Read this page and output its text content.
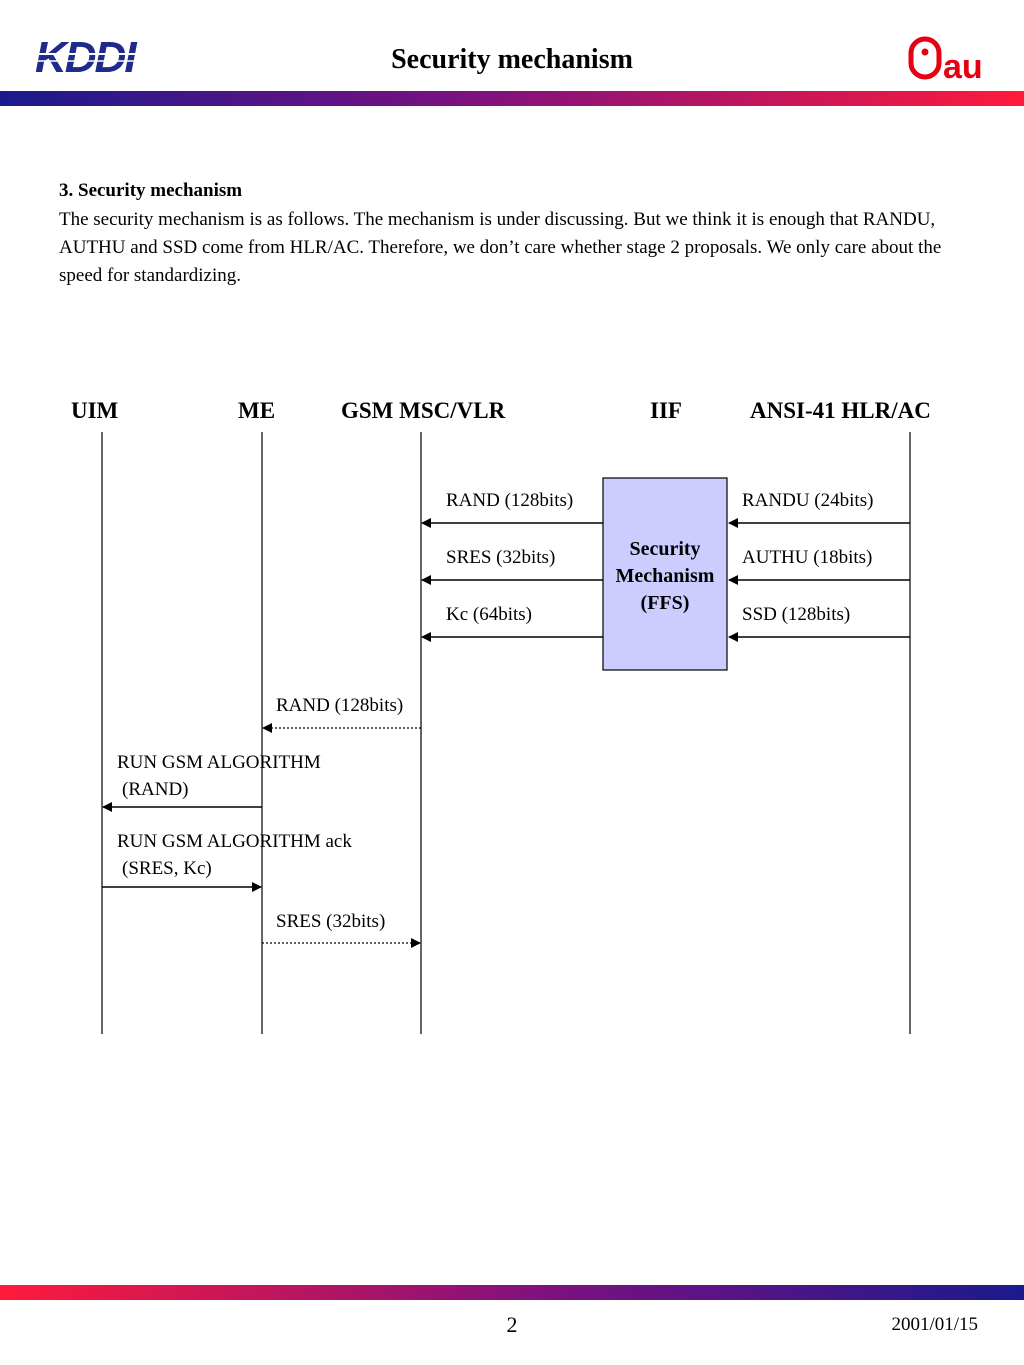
KDDI	Security mechanism	au
3. Security mechanism
The security mechanism is as follows. The mechanism is under discussing. But we think it is enough that RANDU, AUTHU and SSD come from HLR/AC. Therefore, we don’t care whether stage 2 proposals. We only care about the speed for standardizing.
UIM	ME	GSM MSC/VLR	IIF	ANSI-41 HLR/AC
Security
Mechanism
(FFS)
RAND (128bits)
SRES (32bits)
Kc (64bits)
RANDU (24bits)
AUTHU (18bits)
SSD (128bits)
RAND (128bits)
RUN GSM ALGORITHM
(RAND)
RUN GSM ALGORITHM ack
(SRES, Kc)
SRES (32bits)
2	2001/01/15
